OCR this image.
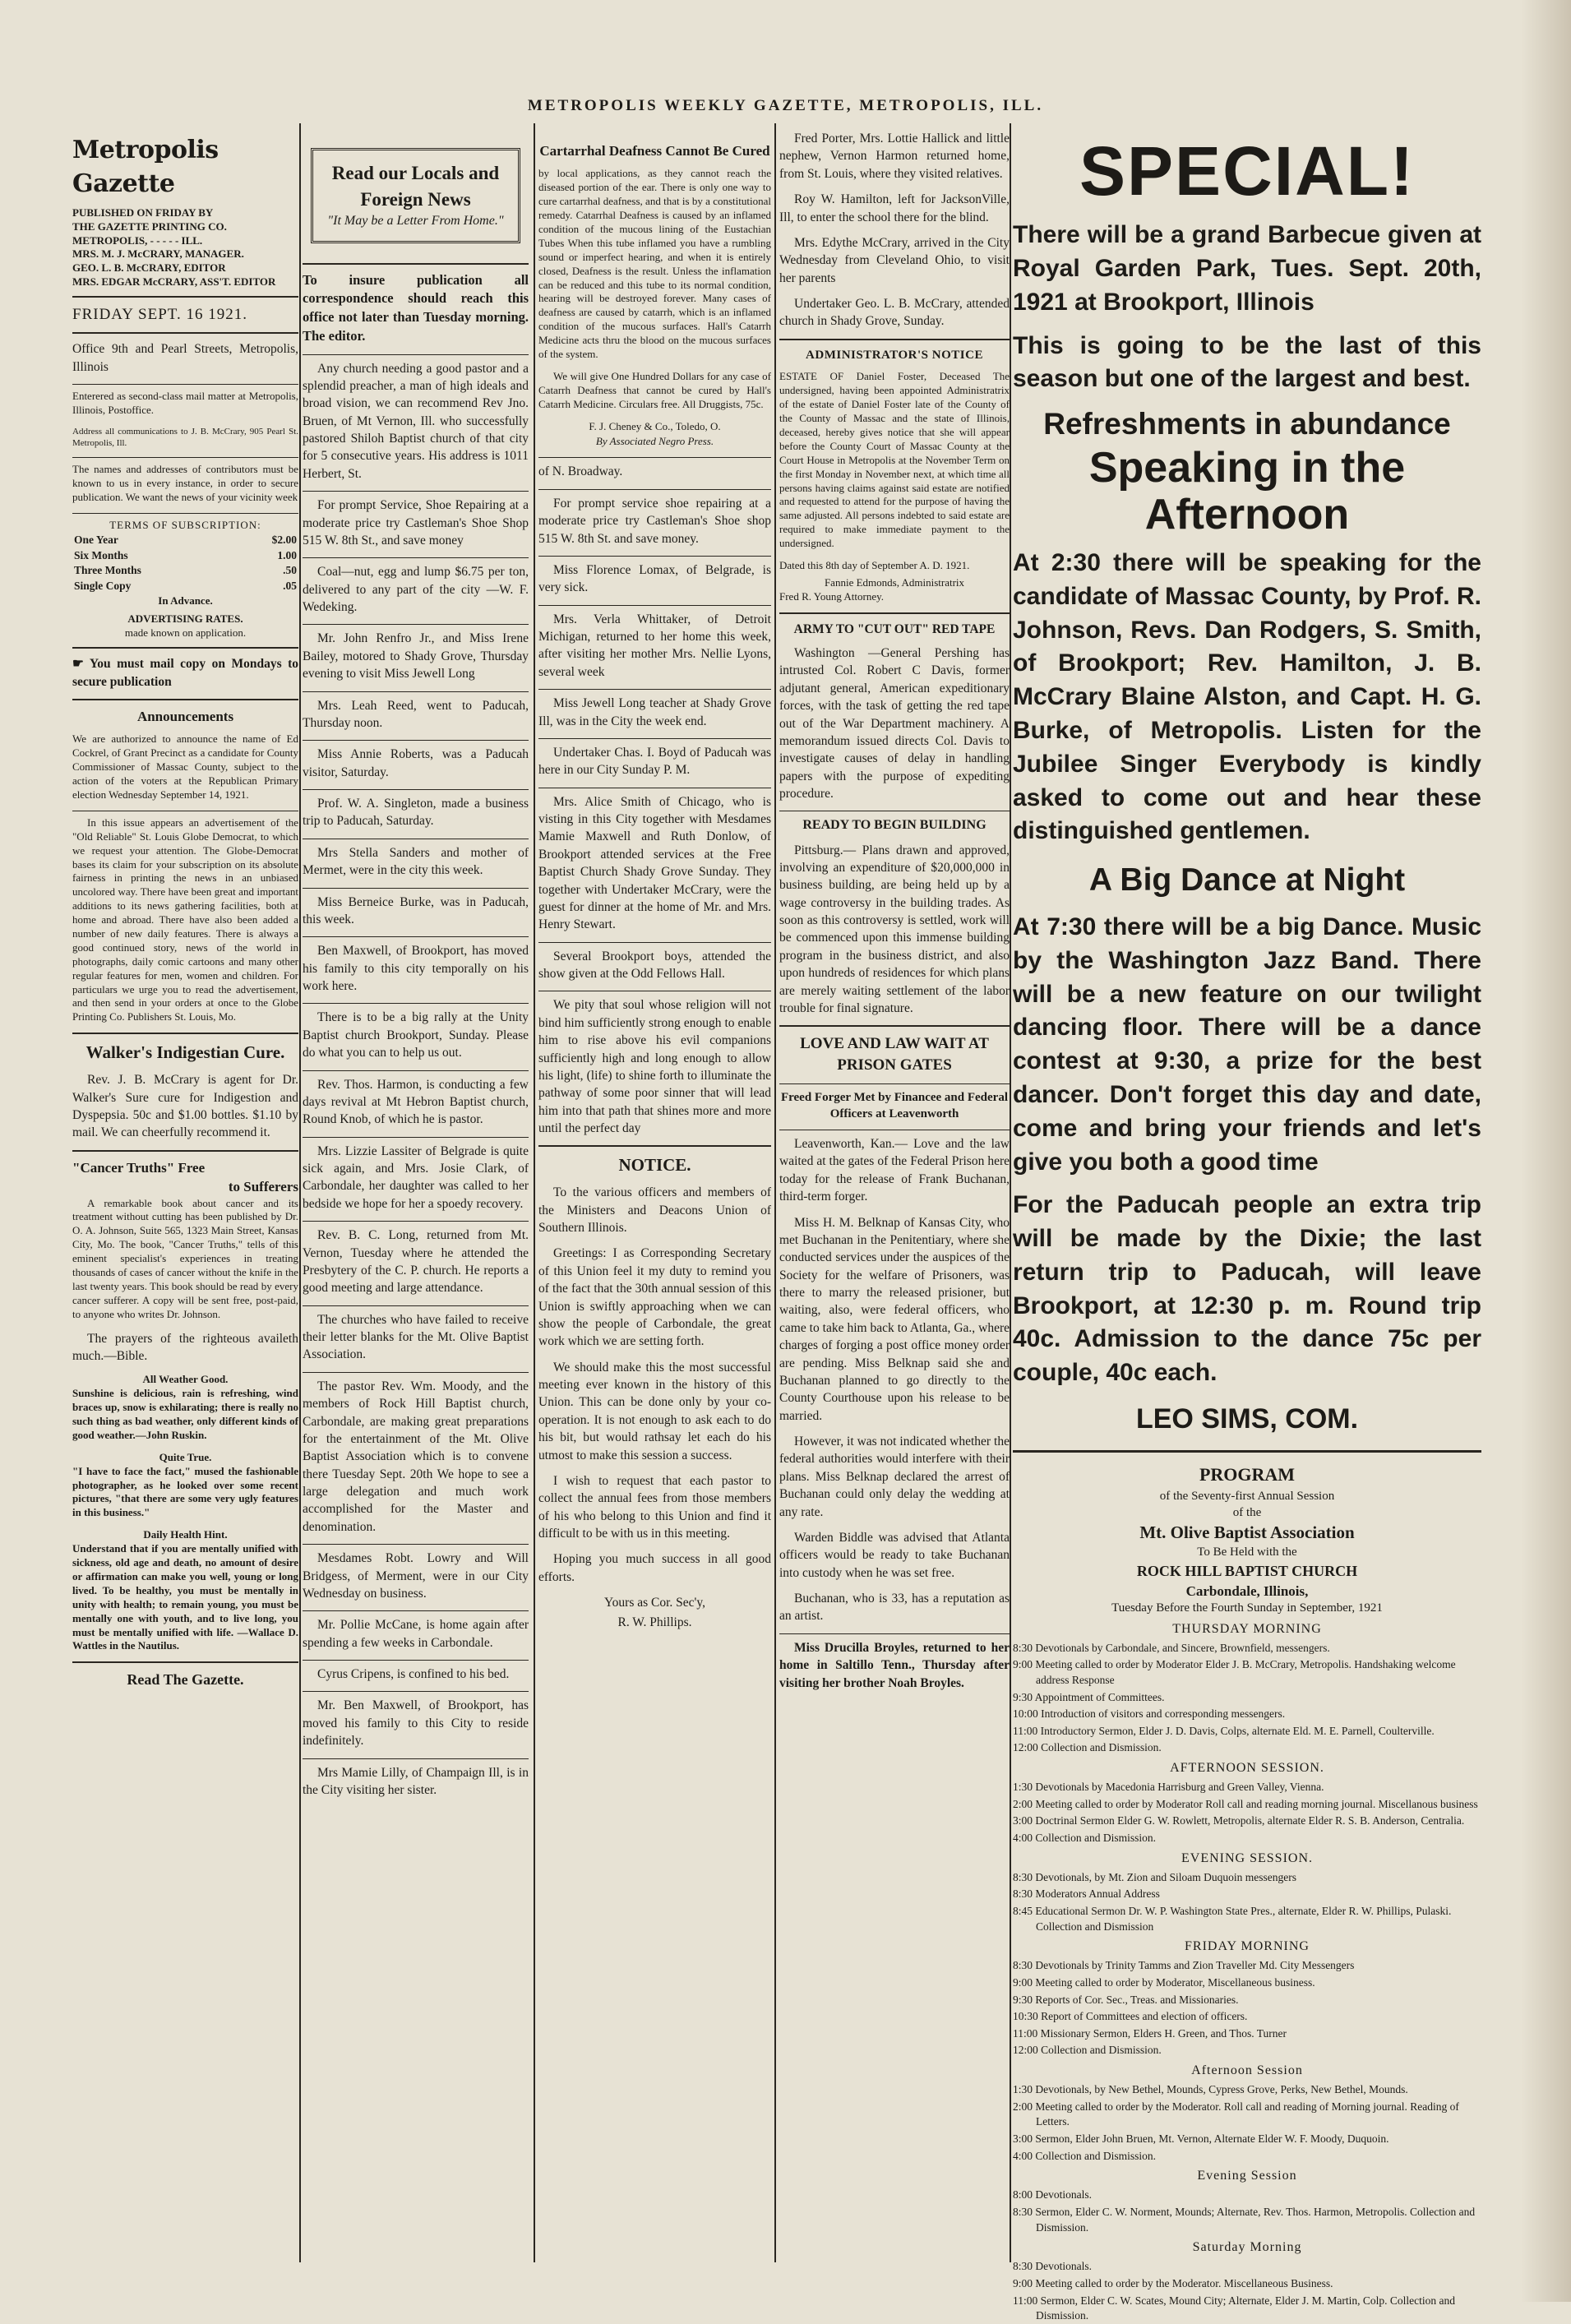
METROPOLIS WEEKLY GAZETTE, METROPOLIS, ILL.
Metropolis Gazette
PUBLISHED ON FRIDAY BY
THE GAZETTE PRINTING CO.
METROPOLIS, - - - - - ILL.
MRS. M. J. McCRARY, MANAGER.
GEO. L. B. McCRARY, EDITOR
MRS. EDGAR McCRARY, ASS'T. EDITOR
FRIDAY SEPT. 16 1921.

Office 9th and Pearl Streets, Metropolis, Illinois

Enterered as second-class mail matter at Metropolis, Illinois, Postoffice.

Address all communications to J. B. McCrary, 905 Pearl St. Metropolis, Ill.

The names and addresses of contributors must be known to us in every instance, in order to secure publication. We want the news of your vicinity week

TERMS OF SUBSCRIPTION:
One Year	$2.00
Six Months	1.00
Three Months	.50
Single Copy	.05
In Advance.
ADVERTISING RATES.
made known on application.

☛ You must mail copy on Mondays to secure publication

Announcements

We are authorized to announce the name of Ed Cockrel, of Grant Precinct as a candidate for County Commissioner of Massac County, subject to the action of the voters at the Republican Primary election Wednesday September 14, 1921.

In this issue appears an advertisement of the "Old Reliable" St. Louis Globe Democrat, to which we request your attention. The Globe-Democrat bases its claim for your subscription on its absolute fairness in printing the news in an unbiased uncolored way. There have been great and important additions to its news gathering facilities, both at home and abroad. There have also been added a number of new daily features. There is always a good continued story, news of the world in photographs, daily comic cartoons and many other regular features for men, women and children. For particulars we urge you to read the advertisement, and then send in your orders at once to the Globe Printing Co. Publishers St. Louis, Mo.

Walker's Indigestian Cure.

Rev. J. B. McCrary is agent for Dr. Walker's Sure cure for Indigestion and Dyspepsia. 50c and $1.00 bottles. $1.10 by mail. We can cheerfully recommend it.

"Cancer Truths" Free
to Sufferers

A remarkable book about cancer and its treatment without cutting has been published by Dr. O. A. Johnson, Suite 565, 1323 Main Street, Kansas City, Mo. The book, "Cancer Truths," tells of this eminent specialist's experiences in treating thousands of cases of cancer without the knife in the last twenty years. This book should be read by every cancer sufferer. A copy will be sent free, post-paid, to anyone who writes Dr. Johnson.

The prayers of the righteous availeth much.—Bible.

All Weather Good.

Sunshine is delicious, rain is refreshing, wind braces up, snow is exhilarating; there is really no such thing as bad weather, only different kinds of good weather.—John Ruskin.

Quite True.

"I have to face the fact," mused the fashionable photographer, as he looked over some recent pictures, "that there are some very ugly features in this business."

Daily Health Hint.

Understand that if you are mentally unified with sickness, old age and death, no amount of desire or affirmation can make you well, young or long lived. To be healthy, you must be mentally in unity with health; to remain young, you must be mentally one with youth, and to live long, you must be mentally unified with life. —Wallace D. Wattles in the Nautilus.

Read The Gazette.
Read our Locals and Foreign News
"It May be a Letter From Home."

To insure publication all correspondence should reach this office not later than Tuesday morning. The editor.

Any church needing a good pastor and a splendid preacher, a man of high ideals and broad vision, we can recommend Rev Jno. Bruen, of Mt Vernon, Ill. who successfully pastored Shiloh Baptist church of that city for 5 consecutive years. His address is 1011 Herbert, St.

For prompt Service, Shoe Repairing at a moderate price try Castleman's Shoe Shop 515 W. 8th St., and save money

Coal—nut, egg and lump $6.75 per ton, delivered to any part of the city —W. F. Wedeking.

Mr. John Renfro Jr., and Miss Irene Bailey, motored to Shady Grove, Thursday evening to visit Miss Jewell Long

Mrs. Leah Reed, went to Paducah, Thursday noon.

Miss Annie Roberts, was a Paducah visitor, Saturday.

Prof. W. A. Singleton, made a business trip to Paducah, Saturday.

Mrs Stella Sanders and mother of Mermet, were in the city this week.

Miss Berneice Burke, was in Paducah, this week.

Ben Maxwell, of Brookport, has moved his family to this city temporally on his work here.

There is to be a big rally at the Unity Baptist church Brookport, Sunday. Please do what you can to help us out.

Rev. Thos. Harmon, is conducting a few days revival at Mt Hebron Baptist church, Round Knob, of which he is pastor.

Mrs. Lizzie Lassiter of Belgrade is quite sick again, and Mrs. Josie Clark, of Carbondale, her daughter was called to her bedside we hope for her a spoedy recovery.

Rev. B. C. Long, returned from Mt. Vernon, Tuesday where he attended the Presbytery of the C. P. church. He reports a good meeting and large attendance.

The churches who have failed to receive their letter blanks for the Mt. Olive Baptist Association.

The pastor Rev. Wm. Moody, and the members of Rock Hill Baptist church, Carbondale, are making great preparations for the entertainment of the Mt. Olive Baptist Association which is to convene there Tuesday Sept. 20th We hope to see a large delegation and much work accomplished for the Master and denomination.

Mesdames Robt. Lowry and Will Bridgess, of Merment, were in our City Wednesday on business.

Mr. Pollie McCane, is home again after spending a few weeks in Carbondale.

Cyrus Cripens, is confined to his bed.

Mr. Ben Maxwell, of Brookport, has moved his family to this City to reside indefinitely.

Mrs Mamie Lilly, of Champaign Ill, is in the City visiting her sister.

Cartarrhal Deafness Cannot Be Cured

by local applications, as they cannot reach the diseased portion of the ear. There is only one way to cure cartarrhal deafness, and that is by a constitutional remedy. Catarrhal Deafness is caused by an inflamed condition of the mucous lining of the Eustachian Tubes When this tube inflamed you have a rumbling sound or imperfect hearing, and when it is entirely closed, Deafness is the result. Unless the inflamation can be reduced and this tube to its normal condition, hearing will be destroyed forever. Many cases of deafness are caused by catarrh, which is an inflamed condition of the mucous surfaces. Hall's Catarrh Medicine acts thru the blood on the mucous surfaces of the system.

We will give One Hundred Dollars for any case of Catarrh Deafness that cannot be cured by Hall's Catarrh Medicine. Circulars free. All Druggists, 75c.

F. J. Cheney & Co., Toledo, O.

By Associated Negro Press.

of N. Broadway.

For prompt service shoe repairing at a moderate price try Castleman's Shoe shop 515 W. 8th St. and save money.

Miss Florence Lomax, of Belgrade, is very sick.

Mrs. Verla Whittaker, of Detroit Michigan, returned to her home this week, after visiting her mother Mrs. Nellie Lyons, several week

Miss Jewell Long teacher at Shady Grove Ill, was in the City the week end.

Undertaker Chas. I. Boyd of Paducah was here in our City Sunday P. M.

Mrs. Alice Smith of Chicago, who is visting in this City together with Mesdames Mamie Maxwell and Ruth Donlow, of Brookport attended services at the Free Baptist Church Shady Grove Sunday. They together with Undertaker McCrary, were the guest for dinner at the home of Mr. and Mrs. Henry Stewart.

Several Brookport boys, attended the show given at the Odd Fellows Hall.

We pity that soul whose religion will not bind him sufficiently strong enough to enable him to rise above his evil companions sufficiently high and long enough to allow his light, (life) to shine forth to illuminate the pathway of some poor sinner that will lead him into that path that shines more and more until the perfect day

NOTICE.

To the various officers and members of the Ministers and Deacons Union of Southern Illinois.

Greetings: I as Corresponding Secretary of this Union feel it my duty to remind you of the fact that the 30th annual session of this Union is swiftly approaching when we can show the people of Carbondale, the great work which we are setting forth.

We should make this the most successful meeting ever known in the history of this Union. This can be done only by your co-operation. It is not enough to ask each to do his bit, but would rathsay let each do his utmost to make this session a success.

I wish to request that each pastor to collect the annual fees from those members of his who belong to this Union and find it difficult to be with us in this meeting.

Hoping you much success in all good efforts.

Yours as Cor. Sec'y,

R. W. Phillips.

Fred Porter, Mrs. Lottie Hallick and little nephew, Vernon Harmon returned home, from St. Louis, where they visited relatives.

Roy W. Hamilton, left for JacksonVille, Ill, to enter the school there for the blind.

Mrs. Edythe McCrary, arrived in the City Wednesday from Cleveland Ohio, to visit her parents

Undertaker Geo. L. B. McCrary, attended church in Shady Grove, Sunday.

ADMINISTRATOR'S NOTICE

ESTATE OF Daniel Foster, Deceased The undersigned, having been appointed Administratrix of the estate of Daniel Foster late of the County of the County of Massac and the state of Illinois, deceased, hereby gives notice that she will appear before the County Court of Massac County at the Court House in Metropolis at the November Term on the first Monday in November next, at which time all persons having claims against said estate are notified and requested to attend for the purpose of having the same adjusted. All persons indebted to said estate are required to make immediate payment to the undersigned.

Dated this 8th day of September A. D. 1921.

Fannie Edmonds, Administratrix

Fred R. Young Attorney.

ARMY TO "CUT OUT" RED TAPE

Washington —General Pershing has intrusted Col. Robert C Davis, former adjutant general, American expeditionary forces, with the task of getting the red tape out of the War Department machinery. A memorandum issued directs Col. Davis to investigate causes of delay in handling papers with the purpose of expediting procedure.

READY TO BEGIN BUILDING

Pittsburg.— Plans drawn and approved, involving an expenditure of $20,000,000 in business building, are being held up by a wage controversy in the building trades. As soon as this controversy is settled, work will be commenced upon this immense building program in the business district, and also upon hundreds of residences for which plans are merely waiting settlement of the labor trouble for final signature.

LOVE AND LAW WAIT AT PRISON GATES
Freed Forger Met by Financee and Federal Officers at Leavenworth

Leavenworth, Kan.— Love and the law waited at the gates of the Federal Prison here today for the release of Frank Buchanan, third-term forger.

Miss H. M. Belknap of Kansas City, who met Buchanan in the Penitentiary, where she conducted services under the auspices of the Society for the welfare of Prisoners, was there to marry the released prisioner, but waiting, also, were federal officers, who came to take him back to Atlanta, Ga., where charges of forging a post office money order are pending. Miss Belknap said she and Buchanan planned to go directly to the County Courthouse upon his release to be married.

However, it was not indicated whether the federal authorities would interfere with their plans. Miss Belknap declared the arrest of Buchanan could only delay the wedding at any rate.

Warden Biddle was advised that Atlanta officers would be ready to take Buchanan into custody when he was set free.

Buchanan, who is 33, has a reputation as an artist.

Miss Drucilla Broyles, returned to her home in Saltillo Tenn., Thursday after visiting her brother Noah Broyles.

SPECIAL!

There will be a grand Barbecue given at Royal Garden Park, Tues. Sept. 20th, 1921 at Brookport, Illinois

This is going to be the last of this season but one of the largest and best.

Refreshments in abundance

Speaking in the Afternoon

At 2:30 there will be speaking for the candidate of Massac County, by Prof. R. Johnson, Revs. Dan Rodgers, S. Smith, of Brookport; Rev. Hamilton, J. B. McCrary Blaine Alston, and Capt. H. G. Burke, of Metropolis. Listen for the Jubilee Singer Everybody is kindly asked to come out and hear these distinguished gentlemen.

A Big Dance at Night

At 7:30 there will be a big Dance. Music by the Washington Jazz Band. There will be a new feature on our twilight dancing floor. There will be a dance contest at 9:30, a prize for the best dancer. Don't forget this day and date, come and bring your friends and let's give you both a good time

For the Paducah people an extra trip will be made by the Dixie; the last return trip to Paducah, will leave Brookport, at 12:30 p. m. Round trip 40c. Admission to the dance 75c per couple, 40c each.

LEO SIMS, COM.

PROGRAM
of the Seventy-first Annual Session
of the
Mt. Olive Baptist Association
To Be Held with the
ROCK HILL BAPTIST CHURCH
Carbondale, Illinois,
Tuesday Before the Fourth Sunday in September, 1921
THURSDAY MORNING
8:30 Devotionals by Carbondale, and Sincere, Brownfield, messengers.
9:00 Meeting called to order by Moderator Elder J. B. McCrary, Metropolis. Handshaking welcome address Response
9:30 Appointment of Committees.
10:00 Introduction of visitors and corresponding messengers.
11:00 Introductory Sermon, Elder J. D. Davis, Colps, alternate Eld. M. E. Parnell, Coulterville.
12:00 Collection and Dismission.
AFTERNOON SESSION.
1:30 Devotionals by Macedonia Harrisburg and Green Valley, Vienna.
2:00 Meeting called to order by Moderator Roll call and reading morning journal. Miscellanous business
3:00 Doctrinal Sermon Elder G. W. Rowlett, Metropolis, alternate Elder R. S. B. Anderson, Centralia.
4:00 Collection and Dismission.
EVENING SESSION.
8:30 Devotionals, by Mt. Zion and Siloam Duquoin messengers
8:30 Moderators Annual Address
8:45 Educational Sermon Dr. W. P. Washington State Pres., alternate, Elder R. W. Phillips, Pulaski. Collection and Dismission
FRIDAY MORNING
8:30 Devotionals by Trinity Tamms and Zion Traveller Md. City Messengers
9:00 Meeting called to order by Moderator, Miscellaneous business.
9:30 Reports of Cor. Sec., Treas. and Missionaries.
10:30 Report of Committees and election of officers.
11:00 Missionary Sermon, Elders H. Green, and Thos. Turner
12:00 Collection and Dismission.
Afternoon Session
1:30 Devotionals, by New Bethel, Mounds, Cypress Grove, Perks, New Bethel, Mounds.
2:00 Meeting called to order by the Moderator. Roll call and reading of Morning journal. Reading of Letters.
3:00 Sermon, Elder John Bruen, Mt. Vernon, Alternate Elder W. F. Moody, Duquoin.
4:00 Collection and Dismission.
Evening Session
8:00 Devotionals.
8:30 Sermon, Elder C. W. Norment, Mounds; Alternate, Rev. Thos. Harmon, Metropolis. Collection and Dismission.
Saturday Morning
8:30 Devotionals.
9:00 Meeting called to order by the Moderator. Miscellaneous Business.
11:00 Sermon, Elder C. W. Scates, Mound City; Alternate, Elder J. M. Martin, Colp. Collection and Dismission.
